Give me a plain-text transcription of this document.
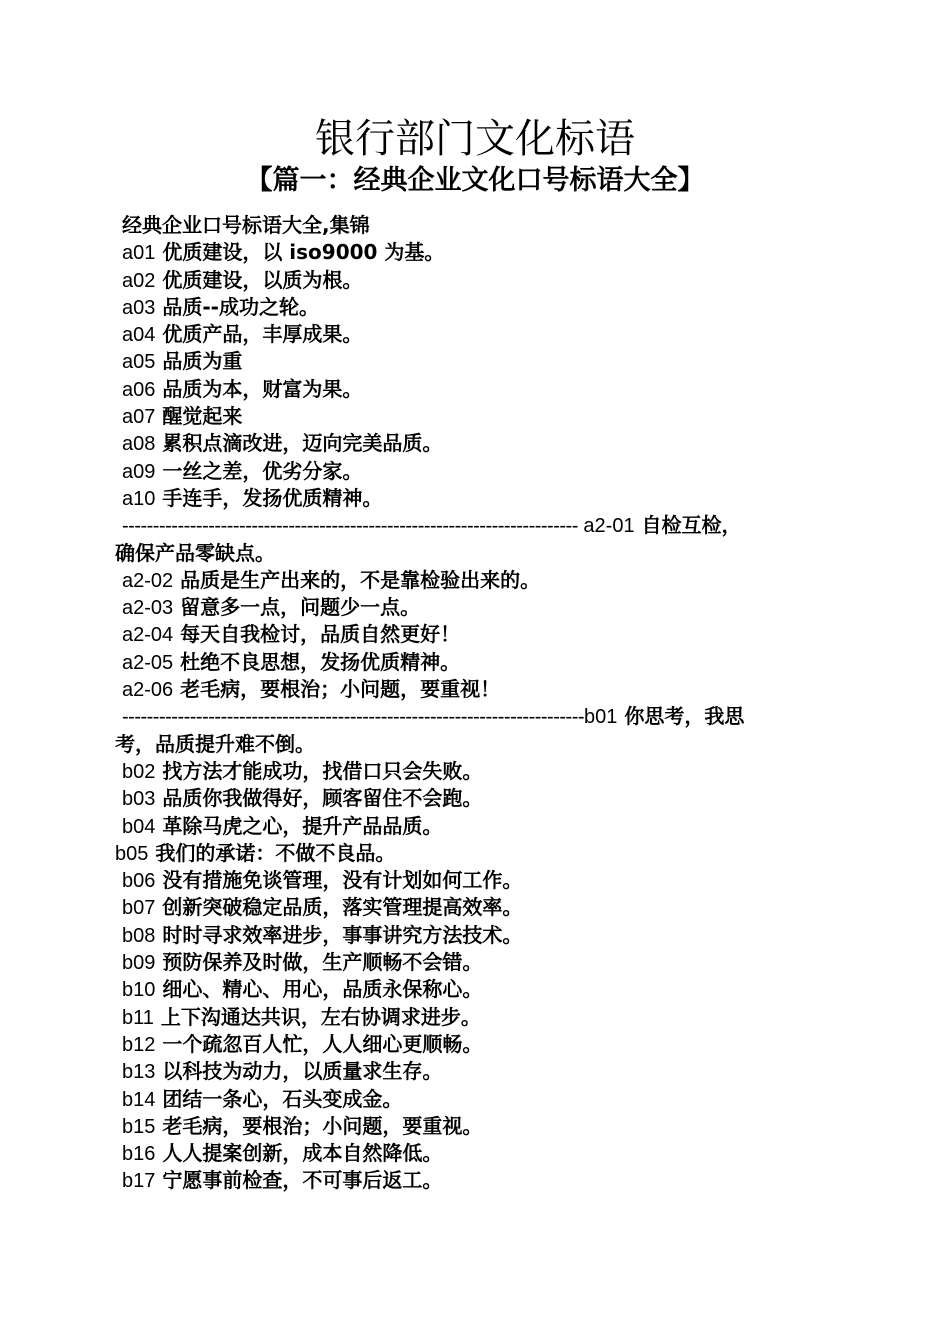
银行部门文化标语
【篇一：经典企业文化口号标语大全】
经典企业口号标语大全,集锦
a01 优质建设，以 iso9000 为基。
a02 优质建设，以质为根。
a03 品质--成功之轮。
a04 优质产品，丰厚成果。
a05 品质为重
a06 品质为本，财富为果。
a07 醒觉起来
a08 累积点滴改进，迈向完美品质。
a09 一丝之差，优劣分家。
a10 手连手，发扬优质精神。
-------------------------------------------------------------------------- a2-01 自检互检，
确保产品零缺点。
a2-02 品质是生产出来的，不是靠检验出来的。
a2-03 留意多一点，问题少一点。
a2-04 每天自我检讨，品质自然更好！
a2-05 杜绝不良思想，发扬优质精神。
a2-06 老毛病，要根治；小问题，要重视！
---------------------------------------------------------------------------b01 你思考，我思
考，品质提升难不倒。
b02 找方法才能成功，找借口只会失败。
b03 品质你我做得好，顾客留住不会跑。
b04 革除马虎之心，提升产品品质。
b05 我们的承诺：不做不良品。
b06 没有措施免谈管理，没有计划如何工作。
b07 创新突破稳定品质，落实管理提高效率。
b08 时时寻求效率进步，事事讲究方法技术。
b09 预防保养及时做，生产顺畅不会错。
b10 细心、精心、用心，品质永保称心。
b11 上下沟通达共识，左右协调求进步。
b12 一个疏忽百人忙，人人细心更顺畅。
b13 以科技为动力，以质量求生存。
b14 团结一条心，石头变成金。
b15 老毛病，要根治；小问题，要重视。
b16 人人提案创新，成本自然降低。
b17 宁愿事前检查，不可事后返工。
